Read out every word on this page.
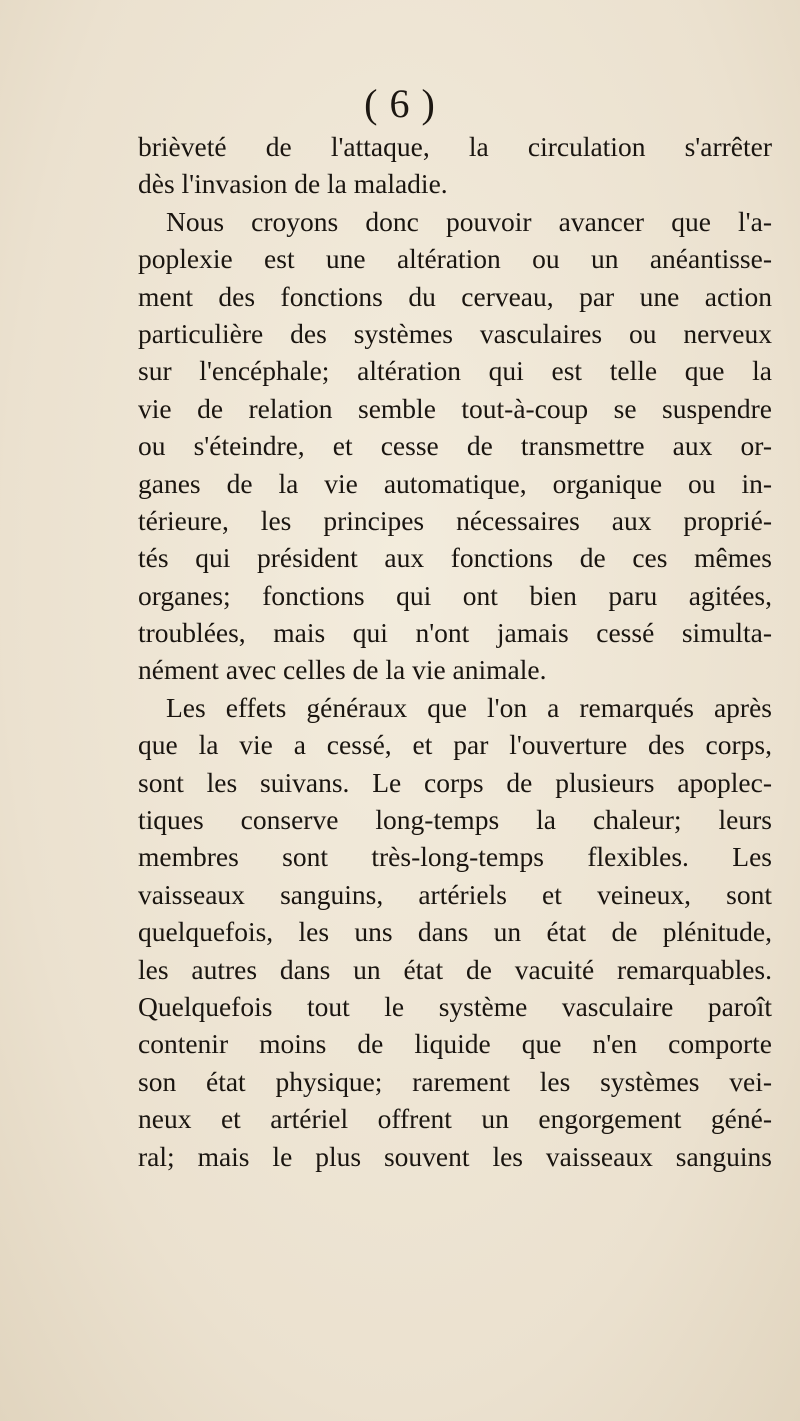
( 6 )
brièveté de l'attaque, la circulation s'arrêter
dès l'invasion de la maladie.
Nous croyons donc pouvoir avancer que l'a-
poplexie est une altération ou un anéantisse-
ment des fonctions du cerveau, par une action
particulière des systèmes vasculaires ou nerveux
sur l'encéphale; altération qui est telle que la
vie de relation semble tout-à-coup se suspendre
ou s'éteindre, et cesse de transmettre aux or-
ganes de la vie automatique, organique ou in-
térieure, les principes nécessaires aux proprié-
tés qui président aux fonctions de ces mêmes
organes; fonctions qui ont bien paru agitées,
troublées, mais qui n'ont jamais cessé simulta-
nément avec celles de la vie animale.
Les effets généraux que l'on a remarqués après
que la vie a cessé, et par l'ouverture des corps,
sont les suivans. Le corps de plusieurs apoplec-
tiques conserve long-temps la chaleur; leurs
membres sont très-long-temps flexibles. Les
vaisseaux sanguins, artériels et veineux, sont
quelquefois, les uns dans un état de plénitude,
les autres dans un état de vacuité remarquables.
Quelquefois tout le système vasculaire paroît
contenir moins de liquide que n'en comporte
son état physique; rarement les systèmes vei-
neux et artériel offrent un engorgement géné-
ral; mais le plus souvent les vaisseaux sanguins
